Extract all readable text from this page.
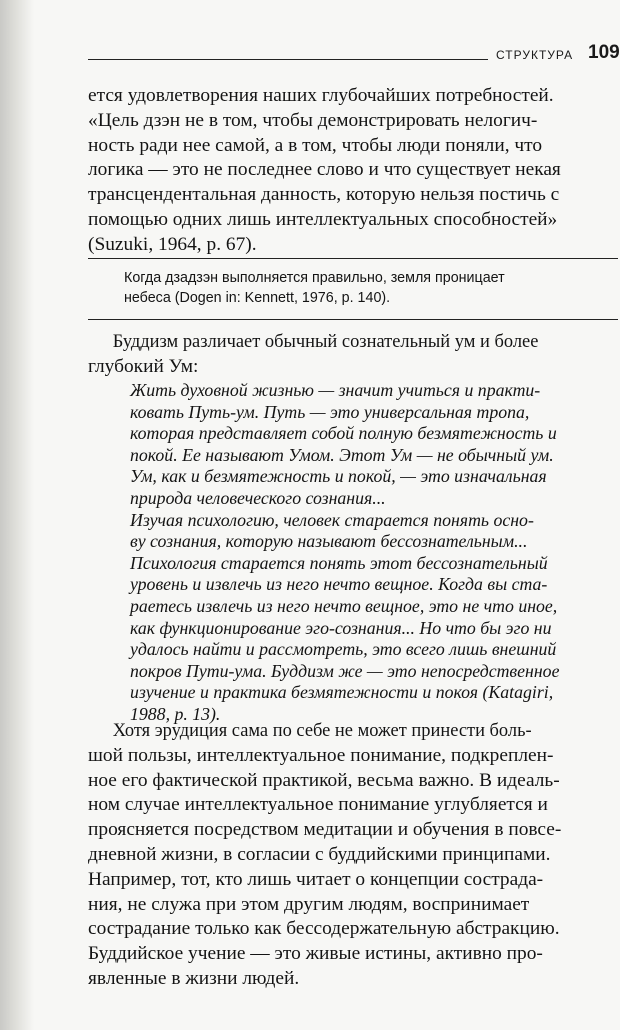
СТРУКТУРА 109
ется удовлетворения наших глубочайших потребностей.
«Цель дзэн не в том, чтобы демонстрировать нелогич-
ность ради нее самой, а в том, чтобы люди поняли, что
логика — это не последнее слово и что существует некая
трансцендентальная данность, которую нельзя постичь с
помощью одних лишь интеллектуальных способностей»
(Suzuki, 1964, p. 67).
Когда дзадзэн выполняется правильно, земля проницает
небеса (Dogen in: Kennett, 1976, p. 140).
Буддизм различает обычный сознательный ум и более
глубокий Ум:
Жить духовной жизнью — значит учиться и практи-
ковать Путь-ум. Путь — это универсальная тропа,
которая представляет собой полную безмятежность и
покой. Ее называют Умом. Этот Ум — не обычный ум.
Ум, как и безмятежность и покой, — это изначальная
природа человеческого сознания...
Изучая психологию, человек старается понять осно-
ву сознания, которую называют бессознательным...
Психология старается понять этот бессознательный
уровень и извлечь из него нечто вещное. Когда вы ста-
раетесь извлечь из него нечто вещное, это не что иное,
как функционирование эго-сознания... Но что бы эго ни
удалось найти и рассмотреть, это всего лишь внешний
покров Пути-ума. Буддизм же — это непосредственное
изучение и практика безмятежности и покоя (Katagiri,
1988, p. 13).
Хотя эрудиция сама по себе не может принести боль-
шой пользы, интеллектуальное понимание, подкреплен-
ное его фактической практикой, весьма важно. В идеаль-
ном случае интеллектуальное понимание углубляется и
проясняется посредством медитации и обучения в повсе-
дневной жизни, в согласии с буддийскими принципами.
Например, тот, кто лишь читает о концепции сострада-
ния, не служа при этом другим людям, воспринимает
сострадание только как бессодержательную абстракцию.
Буддийское учение — это живые истины, активно про-
явленные в жизни людей.
